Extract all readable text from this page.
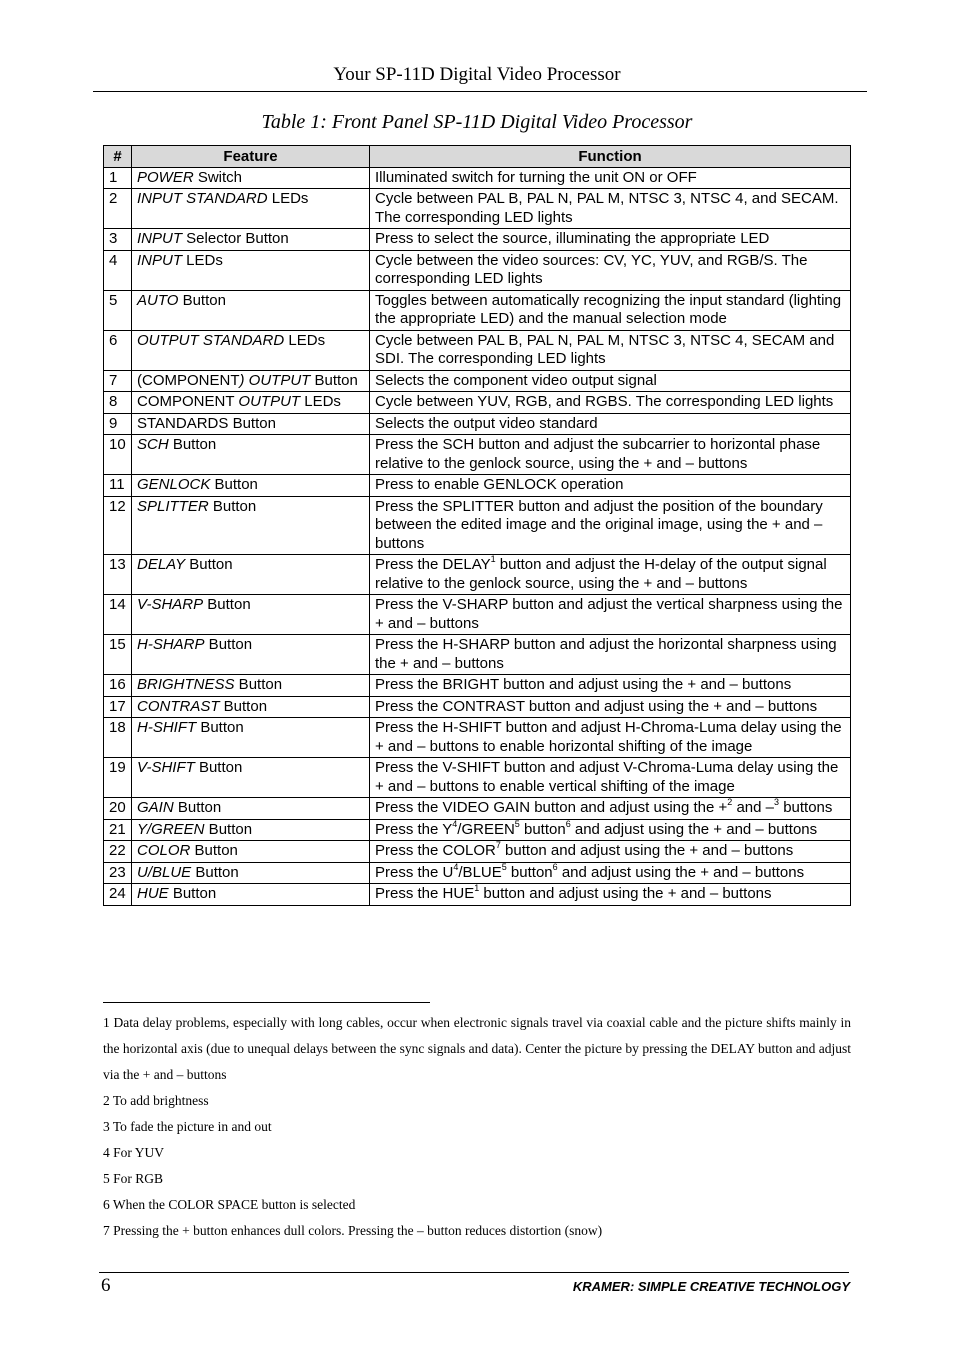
Your SP-11D Digital Video Processor
Table 1: Front Panel SP-11D Digital Video Processor
#	Feature	Function
1	POWER Switch	Illuminated switch for turning the unit ON or OFF
2	INPUT STANDARD LEDs	Cycle between PAL B, PAL N, PAL M, NTSC 3, NTSC 4, and SECAM. The corresponding LED lights
3	INPUT Selector Button	Press to select the source, illuminating the appropriate LED
4	INPUT LEDs	Cycle between the video sources: CV, YC, YUV, and RGB/S. The corresponding LED lights
5	AUTO Button	Toggles between automatically recognizing the input standard (lighting the appropriate LED) and the manual selection mode
6	OUTPUT STANDARD LEDs	Cycle between PAL B, PAL N, PAL M, NTSC 3, NTSC 4, SECAM and SDI. The corresponding LED lights
7	(COMPONENT) OUTPUT Button	Selects the component video output signal
8	COMPONENT OUTPUT LEDs	Cycle between YUV, RGB, and RGBS. The corresponding LED lights
9	STANDARDS Button	Selects the output video standard
10	SCH Button	Press the SCH button and adjust the subcarrier to horizontal phase relative to the genlock source, using the + and – buttons
11	GENLOCK Button	Press to enable GENLOCK operation
12	SPLITTER Button	Press the SPLITTER button and adjust the position of the boundary between the edited image and the original image, using the + and – buttons
13	DELAY Button	Press the DELAY$^1$ button and adjust the H-delay of the output signal relative to the genlock source, using the + and – buttons
14	V-SHARP Button	Press the V-SHARP button and adjust the vertical sharpness using the + and – buttons
15	H-SHARP Button	Press the H-SHARP button and adjust the horizontal sharpness using the + and – buttons
16	BRIGHTNESS Button	Press the BRIGHT button and adjust using the + and – buttons
17	CONTRAST Button	Press the CONTRAST button and adjust using the + and – buttons
18	H-SHIFT Button	Press the H-SHIFT button and adjust H-Chroma-Luma delay using the + and – buttons to enable horizontal shifting of the image
19	V-SHIFT Button	Press the V-SHIFT button and adjust V-Chroma-Luma delay using the + and – buttons to enable vertical shifting of the image
20	GAIN Button	Press the VIDEO GAIN button and adjust using the +$^2$ and –$^3$ buttons
21	Y/GREEN Button	Press the $Y^4/GREEN^5$ button$^6$ and adjust using the + and – buttons
22	COLOR Button	Press the COLOR$^7$ button and adjust using the + and – buttons
23	U/BLUE Button	Press the $U^4/BLUE^5$ button$^6$ and adjust using the + and – buttons
24	HUE Button	Press the HUE$^1$ button and adjust using the + and – buttons

1 Data delay problems, especially with long cables, occur when electronic signals travel via coaxial cable and the picture shifts mainly in the horizontal axis (due to unequal delays between the sync signals and data). Center the picture by pressing the DELAY button and adjust via the + and – buttons

2 To add brightness

3 To fade the picture in and out

4 For YUV

5 For RGB

6 When the COLOR SPACE button is selected

7 Pressing the + button enhances dull colors. Pressing the – button reduces distortion (snow)

6	KRAMER: SIMPLE CREATIVE TECHNOLOGY
